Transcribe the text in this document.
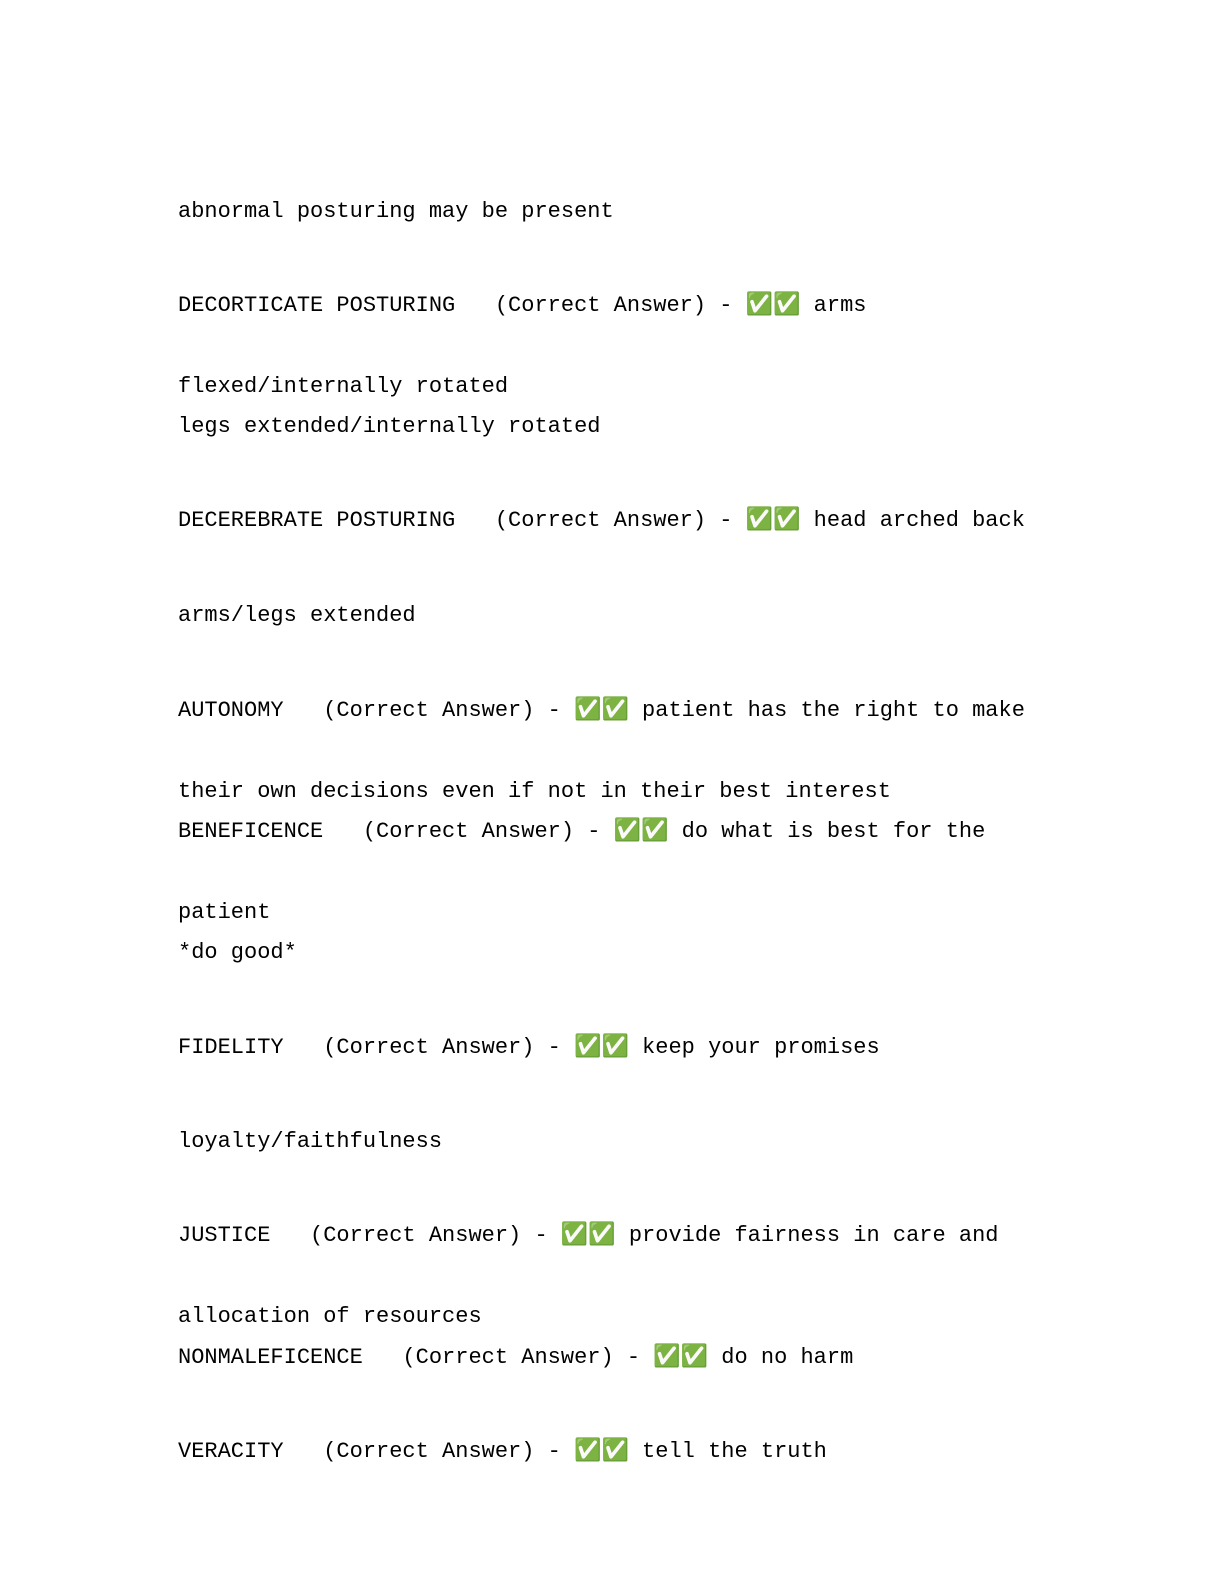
abnormal posturing may be present

DECORTICATE POSTURING   (Correct Answer) - ✅✅ arms

flexed/internally rotated

legs extended/internally rotated

DECEREBRATE POSTURING   (Correct Answer) - ✅✅ head arched back

arms/legs extended

AUTONOMY   (Correct Answer) - ✅✅ patient has the right to make

their own decisions even if not in their best interest

BENEFICENCE   (Correct Answer) - ✅✅ do what is best for the

patient

*do good*

FIDELITY   (Correct Answer) - ✅✅ keep your promises

loyalty/faithfulness

JUSTICE   (Correct Answer) - ✅✅ provide fairness in care and

allocation of resources

NONMALEFICENCE   (Correct Answer) - ✅✅ do no harm

VERACITY   (Correct Answer) - ✅✅ tell the truth
